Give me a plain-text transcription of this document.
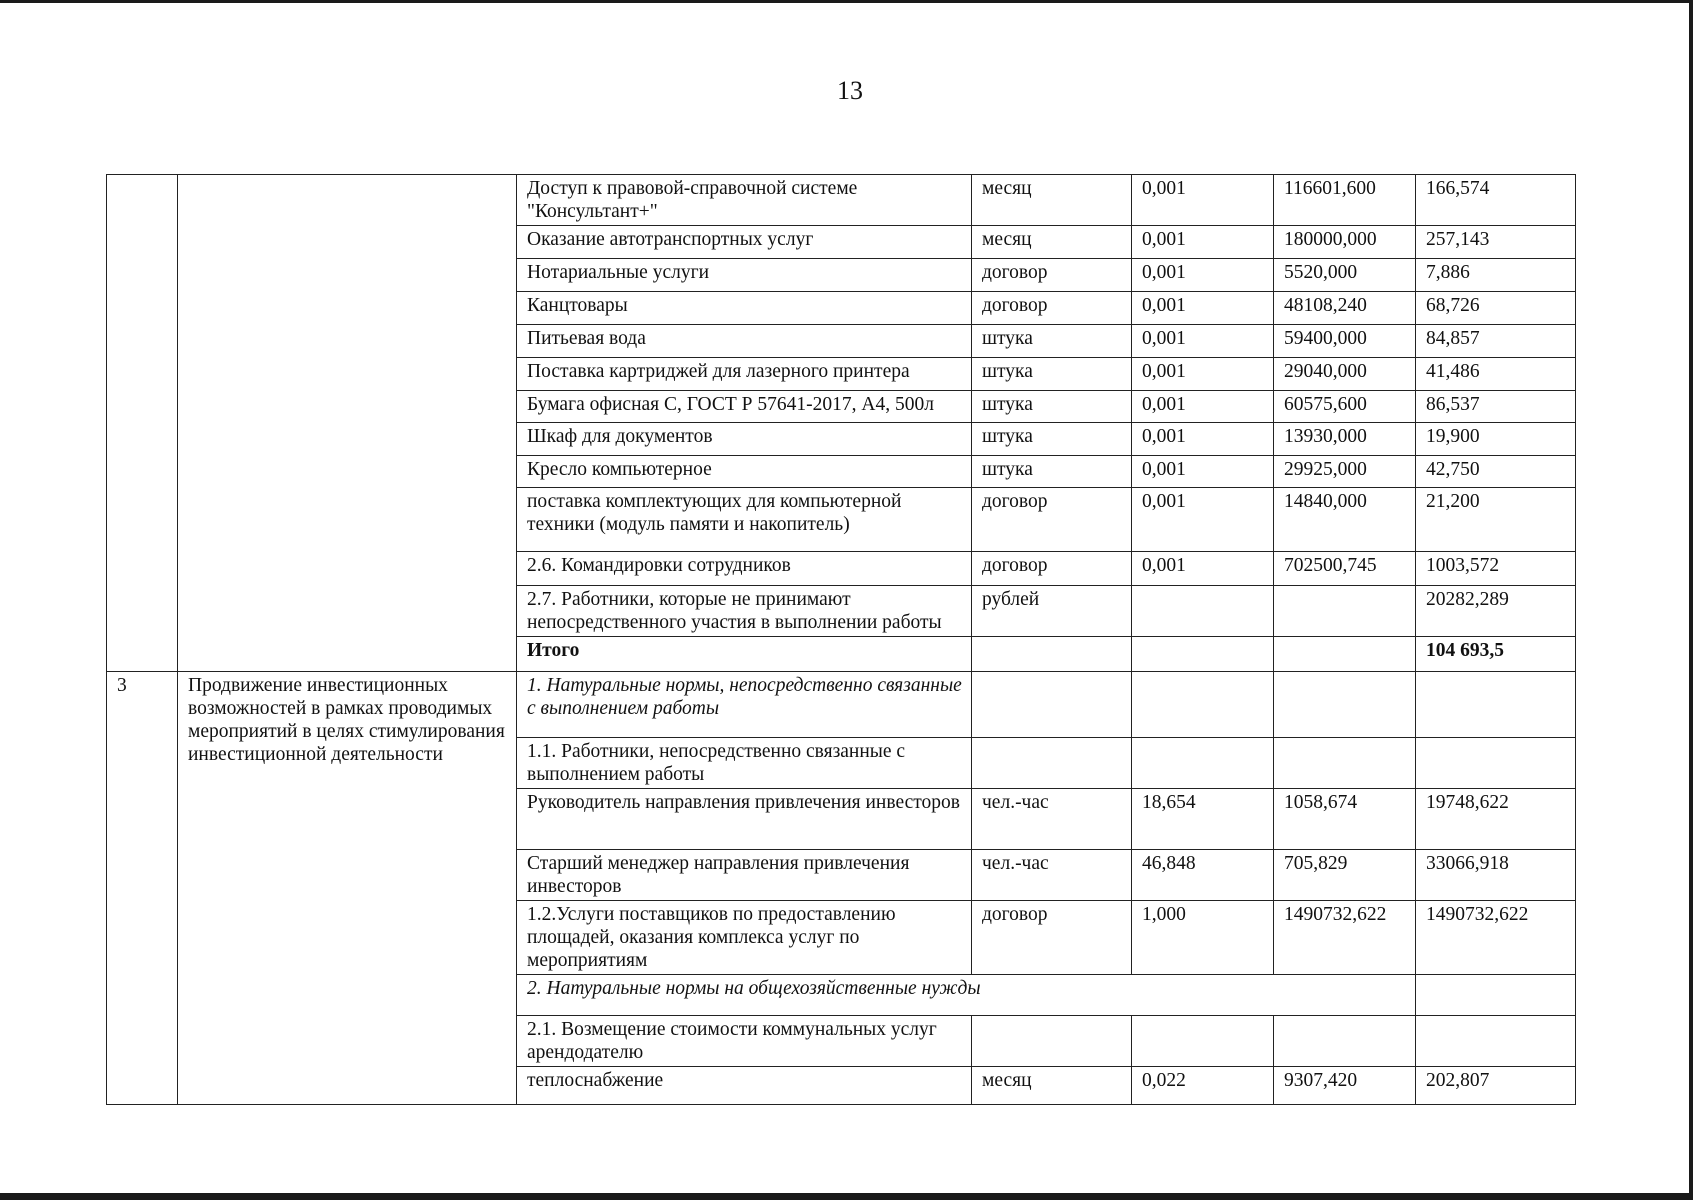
13
		Доступ к правовой-справочной системе "Консультант+"	месяц	0,001	116601,600	166,574
		Оказание автотранспортных услуг	месяц	0,001	180000,000	257,143
		Нотариальные услуги	договор	0,001	5520,000	7,886
		Канцтовары	договор	0,001	48108,240	68,726
		Питьевая вода	штука	0,001	59400,000	84,857
		Поставка картриджей для лазерного принтера	штука	0,001	29040,000	41,486
		Бумага офисная С, ГОСТ Р 57641-2017, А4, 500л	штука	0,001	60575,600	86,537
		Шкаф для документов	штука	0,001	13930,000	19,900
		Кресло компьютерное	штука	0,001	29925,000	42,750
		поставка комплектующих для компьютерной техники (модуль памяти и накопитель)	договор	0,001	14840,000	21,200
		2.6. Командировки сотрудников	договор	0,001	702500,745	1003,572
		2.7. Работники, которые не принимают непосредственного участия в выполнении работы	рублей			20282,289
		Итого				104 693,5
3	Продвижение инвестиционных возможностей в рамках проводимых мероприятий в целях стимулирования инвестиционной деятельности	1. Натуральные нормы, непосредственно связанные с выполнением работы				
		1.1. Работники, непосредственно связанные с выполнением работы				
		Руководитель направления привлечения инвесторов	чел.-час	18,654	1058,674	19748,622
		Старший менеджер направления привлечения инвесторов	чел.-час	46,848	705,829	33066,918
		1.2.Услуги поставщиков по предоставлению площадей, оказания комплекса услуг по мероприятиям	договор	1,000	1490732,622	1490732,622
		2. Натуральные нормы на общехозяйственные нужды				
		2.1. Возмещение стоимости коммунальных услуг арендодателю				
		теплоснабжение	месяц	0,022	9307,420	202,807
